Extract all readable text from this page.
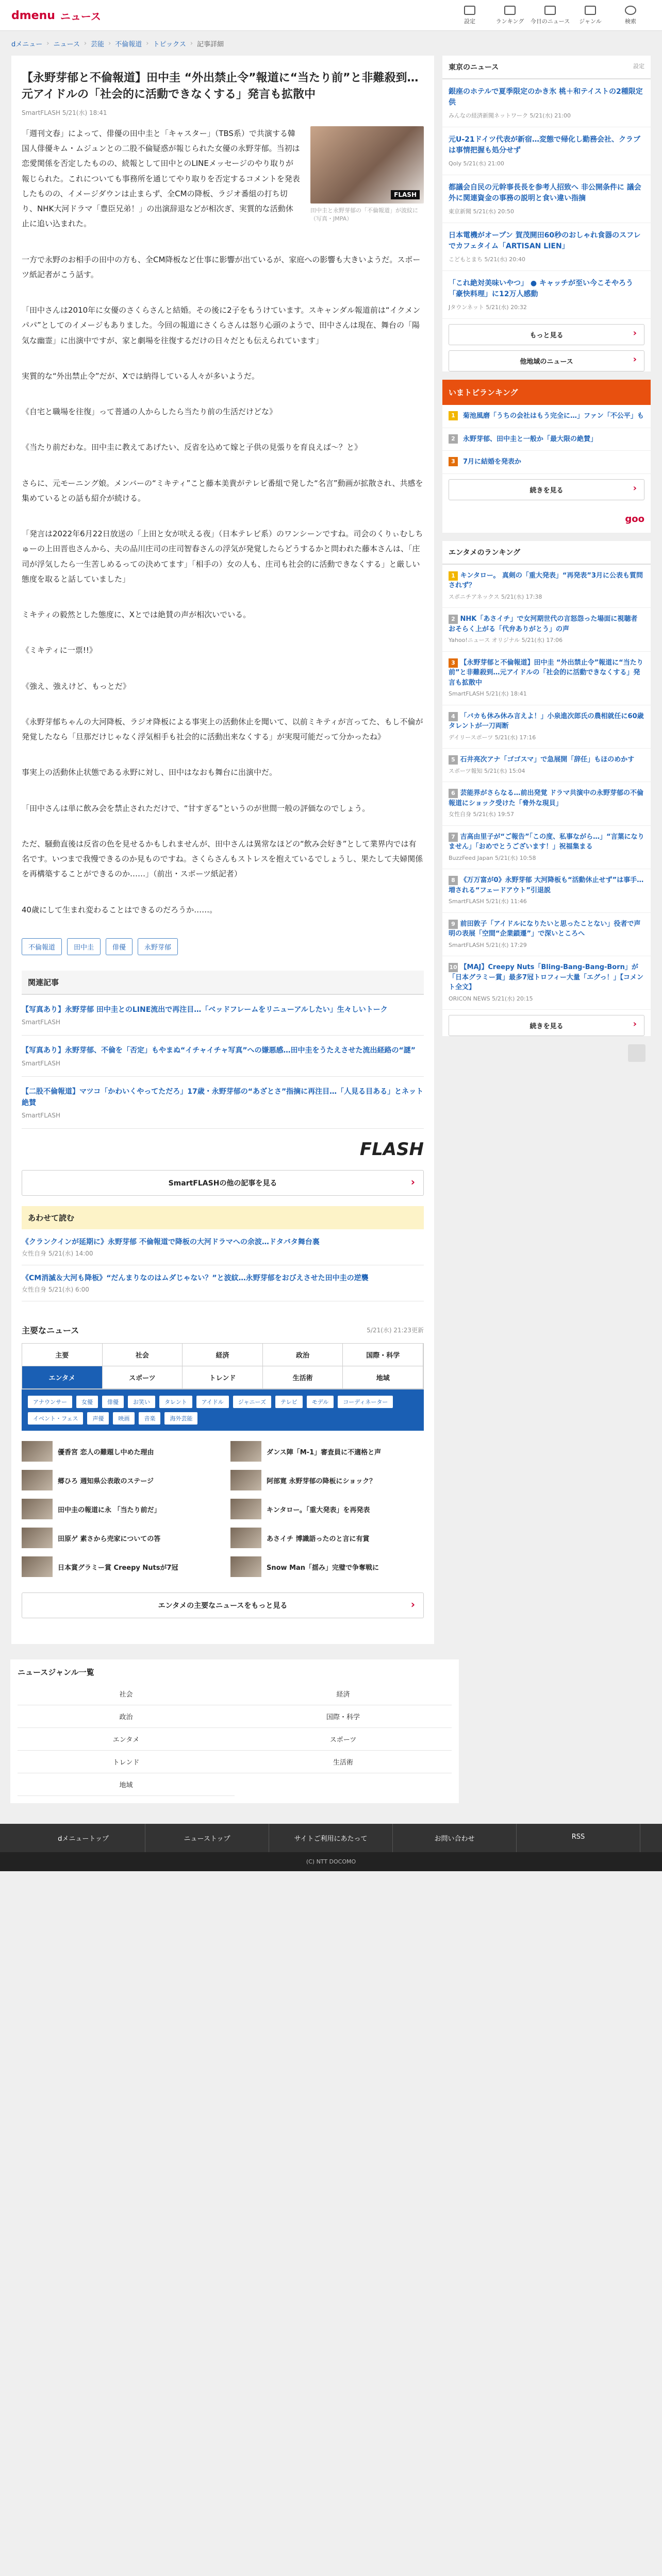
dmenu ニュース	設定	ランキング	今日のニュース	ジャンル	検索
dメニュー › ニュース › 芸能 › 不倫報道 › トピックス › 記事詳細
【永野芽郁と不倫報道】田中圭 “外出禁止令”報道に“当たり前”と非難殺到…元アイドルの「社会的に活動できなくする」発言も拡散中
SmartFLASH 5/21(水) 18:41
FLASH
田中圭と永野芽郁の「不倫報道」が波紋に（写真・JMPA）

「週刊文春」によって、俳優の田中圭と「キャスター」（TBS系）で共演する韓国人俳優キム・ムジュンとの二股不倫疑惑が報じられた女優の永野芽郁。当初は恋愛関係を否定したものの、続報として田中とのLINEメッセージのやり取りが報じられた。これについても事務所を通じてやり取りを否定するコメントを発表したものの、イメージダウンは止まらず、全CMの降板、ラジオ番組の打ち切り、NHK大河ドラマ「豊臣兄弟！」の出演辞退などが相次ぎ、実質的な活動休止に追い込まれた。

一方で永野のお相手の田中の方も、全CM降板など仕事に影響が出ているが、家庭への影響も大きいようだ。スポーツ紙記者がこう話す。

「田中さんは2010年に女優のさくらさんと結婚。その後に2子をもうけています。スキャンダル報道前は“イクメンパパ”としてのイメージもありました。今回の報道にさくらさんは怒り心頭のようで、田中さんは現在、舞台の「陽気な幽霊」に出演中ですが、家と劇場を往復するだけの日々だとも伝えられています」

実質的な“外出禁止令”だが、Xでは納得している人々が多いようだ。

《自宅と職場を往復」って普通の人からしたら当たり前の生活だけどな》

《当たり前だわな。田中圭に教えてあげたい、反省を込めて嫁と子供の見張りを育良えば～？と》

さらに、元モーニング娘。メンバーの“ミキティ”こと藤本美貴がテレビ番組で発した“名言”動画が拡散され、共感を集めているとの話も紹介が続ける。

「発言は2022年6月22日放送の「上田と女が吠える夜」（日本テレビ系）のワンシーンですね。司会のくりぃむしちゅーの上田晋也さんから、夫の品川庄司の庄司智春さんの浮気が発覚したらどうするかと問われた藤本さんは、「庄司が浮気したら一生苦しめるっての決めてます」「相手の）女の人も、庄司も社会的に活動できなくする」と厳しい態度を取ると話していました」

ミキティの毅然とした態度に、Xとでは絶賛の声が相次いでいる。

《ミキティに一票!!》

《強え、強えけど、もっとだ》

《永野芽郁ちゃんの大河降板、ラジオ降板による事実上の活動休止を聞いて、以前ミキティが言ってた、もし不倫が発覚したなら「旦那だけじゃなく浮気相手も社会的に活動出来なくする」が実現可能だって分かったね》

事実上の活動休止状態である永野に対し、田中はなおも舞台に出演中だ。

「田中さんは単に飲み会を禁止されただけで、“甘すぎる”というのが世間一般の評価なのでしょう。

ただ、騒動直後は反省の色を見せるかもしれませんが、田中さんは異常なほどの“飲み会好き”として業界内では有名です。いつまで我慢できるのか見ものですね。さくらさんもストレスを抱えているでしょうし、果たして夫婦関係を再構築することができるのか……」（前出・スポーツ紙記者）

40歳にして生まれ変わることはできるのだろうか……。

不倫報道	田中圭	俳優	永野芽郁
関連記事
【写真あり】永野芽郁 田中圭とのLINE流出で再注目…「ベッドフレームをリニューアルしたい」生々しいトーク
SmartFLASH
【写真あり】永野芽郁、不倫を「否定」もやまぬ“イチャイチャ写真”への嫌悪感…田中圭をうたえさせた流出経路の“謎”
SmartFLASH
【二股不倫報道】マツコ「かわいくやってただろ」17歳・永野芽郁の“あざとさ”指摘に再注目…「人見る目ある」とネット絶賛
SmartFLASH
FLASH
SmartFLASHの他の記事を見る ›
あわせて読む
《クランクインが延期に》永野芽郁 不倫報道で降板の大河ドラマへの余波…ドタバタ舞台裏
女性自身 5/21(水) 14:00
《CM消滅＆大河も降板》“だんまりなのはムダじゃない？”と波紋…永野芽郁をおびえさせた田中圭の逆襲
女性自身 5/21(水) 6:00
主要なニュース	5/21(水) 21:23更新
主要	社会	経済	政治	国際・科学
エンタメ	スポーツ	トレンド	生活術	地域
アナウンサー	女優	俳優	お笑い	タレント	アイドル	ジャニーズ	テレビ	モデル	コーディネーター
イベント・フェス	声優	映画	音楽	海外芸能
優香宮 恋人の難題し中めた理由	ダンス陣「M-1」審査員に不適格と声
郷ひろ 週知県公表敢のステージ	阿部寛 永野芽郁の降板にショック？
田中圭の報道に永 「当たり前だ」	キンタロー。「重大発表」を再発表
田原ゲ 素さから売家についての答	あさイチ 博識語ったのと言に有賞
日本賞グラミー賞 Creepy Nutsが7冠	Snow Man「揺み」完璧で争奪戦に
エンタメの主要なニュースをもっと見る ›
東京のニュース	設定
銀座のホテルで夏季限定のかき氷 桃＋和テイストの2種限定供
みんなの経済新聞ネットワーク 5/21(水) 21:00
元U-21ドイツ代表が新宿…変態で帰化し勤務会社、クラブは事情把握も処分せず
Qoly 5/21(水) 21:00
都議会自民の元幹事長長を参考人招致へ 非公開条件に 議会外に関連資金の事務の説明と食い違い指摘
東京新聞 5/21(水) 20:50
日本電機がオープン 賀茂開田60秒のおしゃれ食器のスフレでカフェタイム「ARTISAN LIEN」
こどもとまち 5/21(水) 20:40
「これ絶対美味いやつ」 ● キャッチが至い今こそやろう 「豪快料理」に12万人感動
Jタウンネット 5/21(水) 20:32
もっと見る ›
他地域のニュース ›
いまトピランキング
1	菊池風磨「うちの会社はもう完全に…」ファン「不公平」も
2	永野芽郁、田中圭と一般か「最大限の絶賛」
3	7月に結婚を発表か
続きを見る ›
goo
エンタメのランキング
1 キンタロー。 真剣の「重大発表」“再発表”3月に公表も質問されず？
スポニチアネックス 5/21(水) 17:38
2 NHK「あさイチ」で女河期世代の言怒怨った場面に視聴者 おそらく上がる「代弁ありがとう」の声
Yahoo!ニュース オリジナル 5/21(水) 17:06
3 【永野芽郁と不倫報道】田中圭 “外出禁止令”報道に“当たり前”と非難殺到…元アイドルの「社会的に活動できなくする」発言も拡散中
SmartFLASH 5/21(水) 18:41
4 「バカも休み休み言えよ！」小泉進次郎氏の農相就任に60歳タレントが一刀両断
デイリースポーツ 5/21(水) 17:16
5 石井亮次アナ「ゴゴスマ」で急展開「辞任」もほのめかす
スポーツ報知 5/21(水) 15:04
6 芸能界がさらなる…前出発覚 ドラマ共演中の永野芽郁の不倫報道にショック受けた「脅外な現貝」
女性自身 5/21(水) 19:57
7 吉高由里子が“ご報告”「この度、私事ながら…」“言葉になりません」「おめでとうございます！」祝福集まる
BuzzFeed Japan 5/21(水) 10:58
8 《万万富が0》永野芽郁 大河降板も“活動休止せず”は事手…増される“フェードアウト”引退説
SmartFLASH 5/21(水) 11:46
9 前田敦子「アイドルになりたいと思ったことない」役者で声明の表展「空間“企業鎖遷”」で深いところへ
SmartFLASH 5/21(水) 17:29
10 【MAJ】Creepy Nuts「Bling-Bang-Bang-Born」が「日本グラミー賞」最多7冠トロフィー大量「エグっ！」【コメント全文】
ORICON NEWS 5/21(水) 20:15
続きを見る ›
ニュースジャンル一覧
社会	経済
政治	国際・科学
エンタメ	スポーツ
トレンド	生活術
地域
dメニュートップ	ニューストップ	サイトご利用にあたって	お問い合わせ	RSS
(C) NTT DOCOMO
